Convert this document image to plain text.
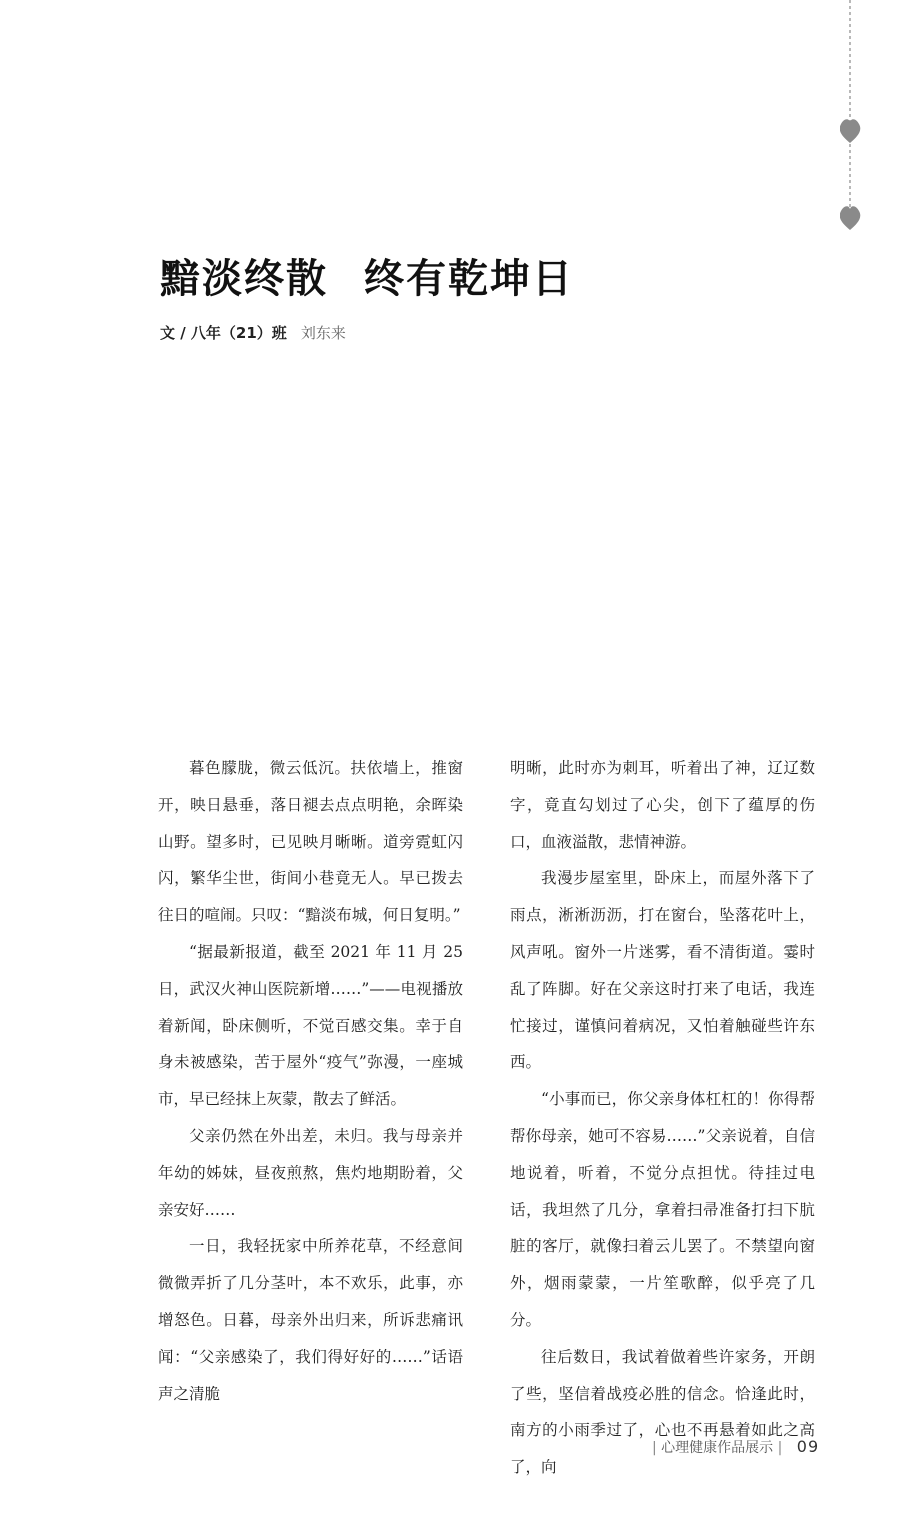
黯淡终散 终有乾坤日
文 / 八年（21）班 刘东来

暮色朦胧，微云低沉。扶依墙上，推窗开，映日悬垂，落日褪去点点明艳，余晖染山野。望多时，已见映月晰晰。道旁霓虹闪闪，繁华尘世，街间小巷竟无人。早已拨去往日的喧闹。只叹：“黯淡布城，何日复明。”

“据最新报道，截至 2021 年 11 月 25 日，武汉火神山医院新增……”——电视播放着新闻，卧床侧听，不觉百感交集。幸于自身未被感染，苦于屋外“疫气”弥漫，一座城市，早已经抹上灰蒙，散去了鲜活。

父亲仍然在外出差，未归。我与母亲并年幼的姊妹，昼夜煎熬，焦灼地期盼着，父亲安好……

一日，我轻抚家中所养花草，不经意间微微弄折了几分茎叶，本不欢乐，此事，亦增怒色。日暮，母亲外出归来，所诉悲痛讯闻：“父亲感染了，我们得好好的……”话语声之清脆

明晰，此时亦为刺耳，听着出了神，辽辽数字，竟直勾划过了心尖，创下了蕴厚的伤口，血液溢散，悲情神游。

我漫步屋室里，卧床上，而屋外落下了雨点，淅淅沥沥，打在窗台，坠落花叶上，风声吼。窗外一片迷雾，看不清街道。霎时乱了阵脚。好在父亲这时打来了电话，我连忙接过，谨慎问着病况，又怕着触碰些许东西。

“小事而已，你父亲身体杠杠的！你得帮帮你母亲，她可不容易……”父亲说着，自信地说着，听着，不觉分点担忧。待挂过电话，我坦然了几分，拿着扫帚准备打扫下肮脏的客厅，就像扫着云儿罢了。不禁望向窗外，烟雨蒙蒙，一片笙歌醉，似乎亮了几分。

往后数日，我试着做着些许家务，开朗了些，坚信着战疫必胜的信念。恰逢此时，南方的小雨季过了，心也不再悬着如此之高了，向

| 心理健康作品展示 | 09
